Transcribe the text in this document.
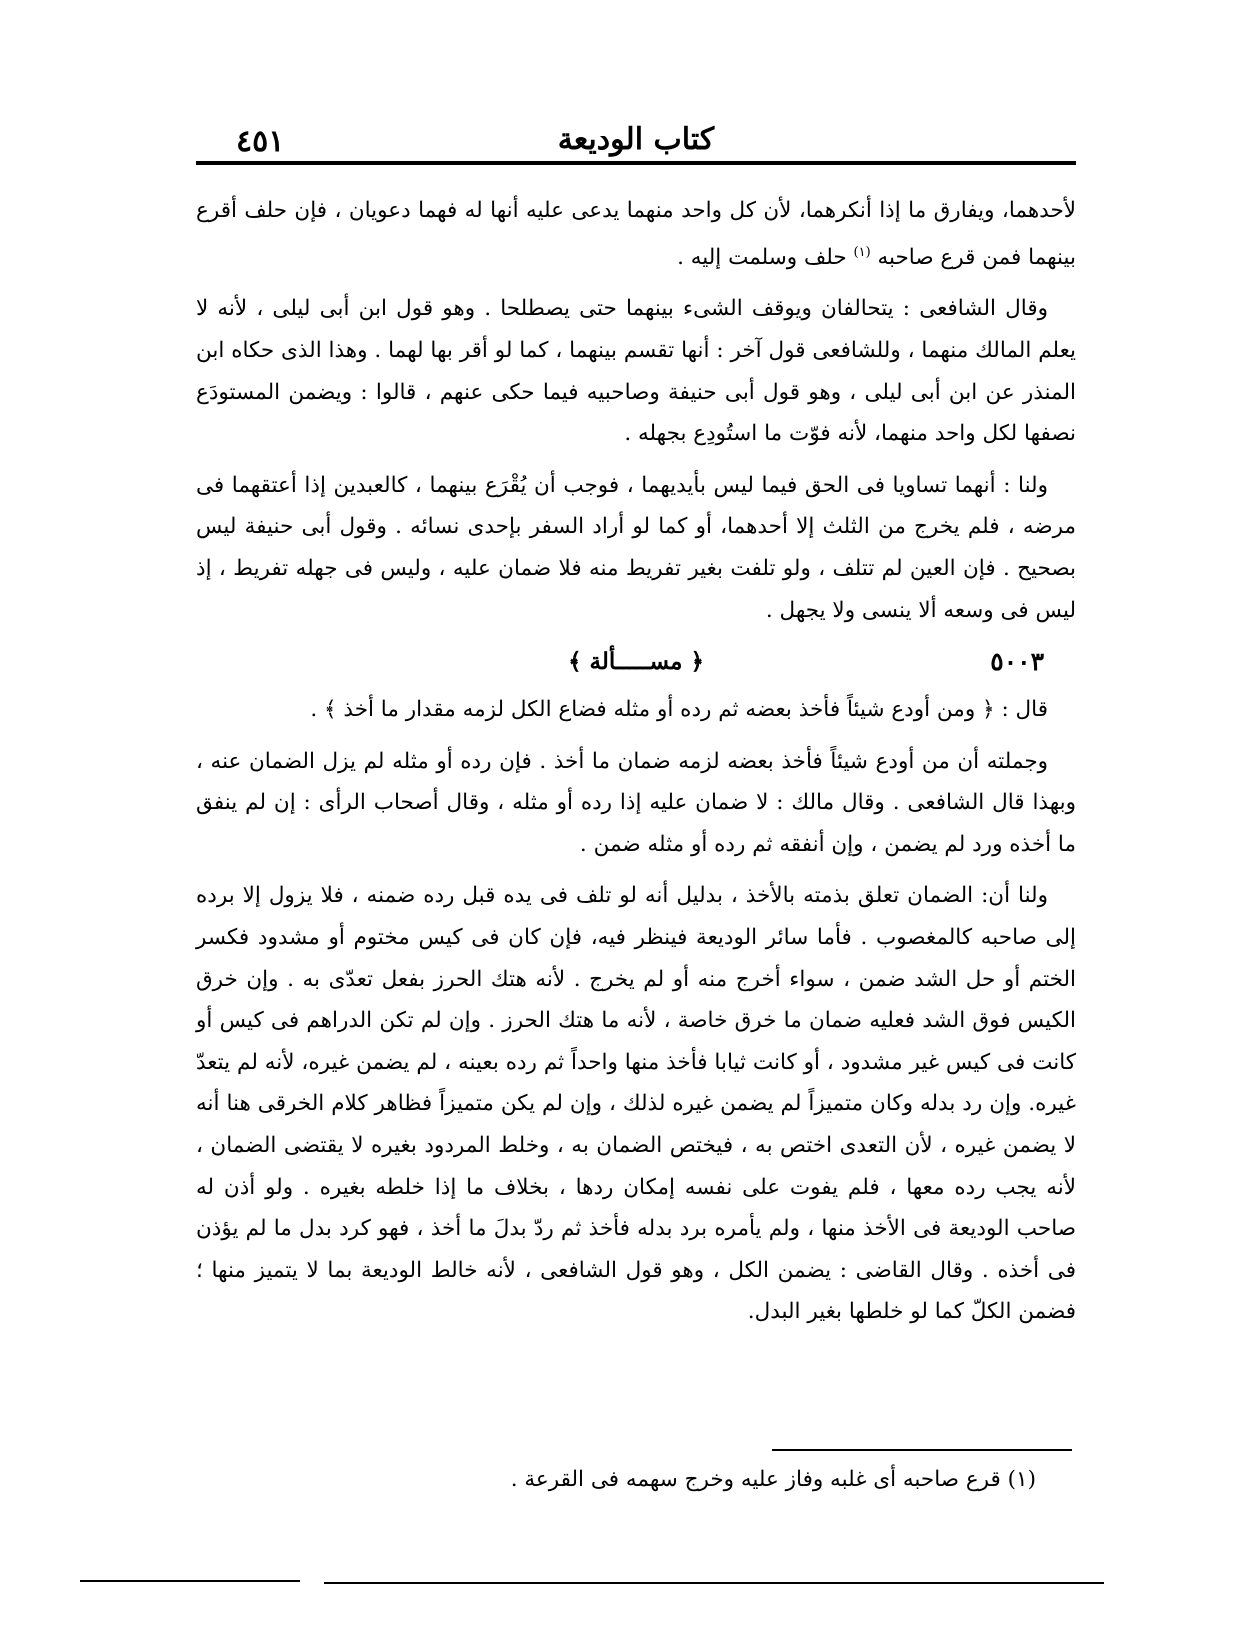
٤٥١	كتاب الوديعة

لأحدهما، ويفارق ما إذا أنكرهما، لأن كل واحد منهما يدعى عليه أنها له فهما دعويان ، فإن حلف أقرع بينهما فمن قرع صاحبه $^{(١)}$ حلف وسلمت إليه .

وقال الشافعى : يتحالفان ويوقف الشىء بينهما حتى يصطلحا . وهو قول ابن أبى ليلى ، لأنه لا يعلم المالك منهما ، وللشافعى قول آخر : أنها تقسم بينهما ، كما لو أقر بها لهما . وهذا الذى حكاه ابن المنذر عن ابن أبى ليلى ، وهو قول أبى حنيفة وصاحبيه فيما حكى عنهم ، قالوا : ويضمن المستودَع نصفها لكل واحد منهما، لأنه فوّت ما استُودِع بجهله .

ولنا : أنهما تساويا فى الحق فيما ليس بأيديهما ، فوجب أن يُقْرَع بينهما ، كالعبدين إذا أعتقهما فى مرضه ، فلم يخرج من الثلث إلا أحدهما، أو كما لو أراد السفر بإحدى نسائه . وقول أبى حنيفة ليس بصحيح . فإن العين لم تتلف ، ولو تلفت بغير تفريط منه فلا ضمان عليه ، وليس فى جهله تفريط ، إذ ليس فى وسعه ألا ينسى ولا يجهل .

٥٠٠٣
﴿ مســـــألة ﴾

قال : ﴿ ومن أودع شيئاً فأخذ بعضه ثم رده أو مثله فضاع الكل لزمه مقدار ما أخذ ﴾ .

وجملته أن من أودع شيئاً فأخذ بعضه لزمه ضمان ما أخذ . فإن رده أو مثله لم يزل الضمان عنه ، وبهذا قال الشافعى . وقال مالك : لا ضمان عليه إذا رده أو مثله ، وقال أصحاب الرأى : إن لم ينفق ما أخذه ورد لم يضمن ، وإن أنفقه ثم رده أو مثله ضمن .

ولنا أن: الضمان تعلق بذمته بالأخذ ، بدليل أنه لو تلف فى يده قبل رده ضمنه ، فلا يزول إلا برده إلى صاحبه كالمغصوب . فأما سائر الوديعة فينظر فيه، فإن كان فى كيس مختوم أو مشدود فكسر الختم أو حل الشد ضمن ، سواء أخرج منه أو لم يخرج . لأنه هتك الحرز بفعل تعدّى به . وإن خرق الكيس فوق الشد فعليه ضمان ما خرق خاصة ، لأنه ما هتك الحرز . وإن لم تكن الدراهم فى كيس أو كانت فى كيس غير مشدود ، أو كانت ثيابا فأخذ منها واحداً ثم رده بعينه ، لم يضمن غيره، لأنه لم يتعدّ غيره. وإن رد بدله وكان متميزاً لم يضمن غيره لذلك ، وإن لم يكن متميزاً فظاهر كلام الخرقى هنا أنه لا يضمن غيره ، لأن التعدى اختص به ، فيختص الضمان به ، وخلط المردود بغيره لا يقتضى الضمان ، لأنه يجب رده معها ، فلم يفوت على نفسه إمكان ردها ، بخلاف ما إذا خلطه بغيره . ولو أذن له صاحب الوديعة فى الأخذ منها ، ولم يأمره برد بدله فأخذ ثم ردّ بدلَ ما أخذ ، فهو كرد بدل ما لم يؤذن فى أخذه . وقال القاضى : يضمن الكل ، وهو قول الشافعى ، لأنه خالط الوديعة بما لا يتميز منها ؛ فضمن الكلّ كما لو خلطها بغير البدل.

(١) قرع صاحبه أى غلبه وفاز عليه وخرج سهمه فى القرعة .
